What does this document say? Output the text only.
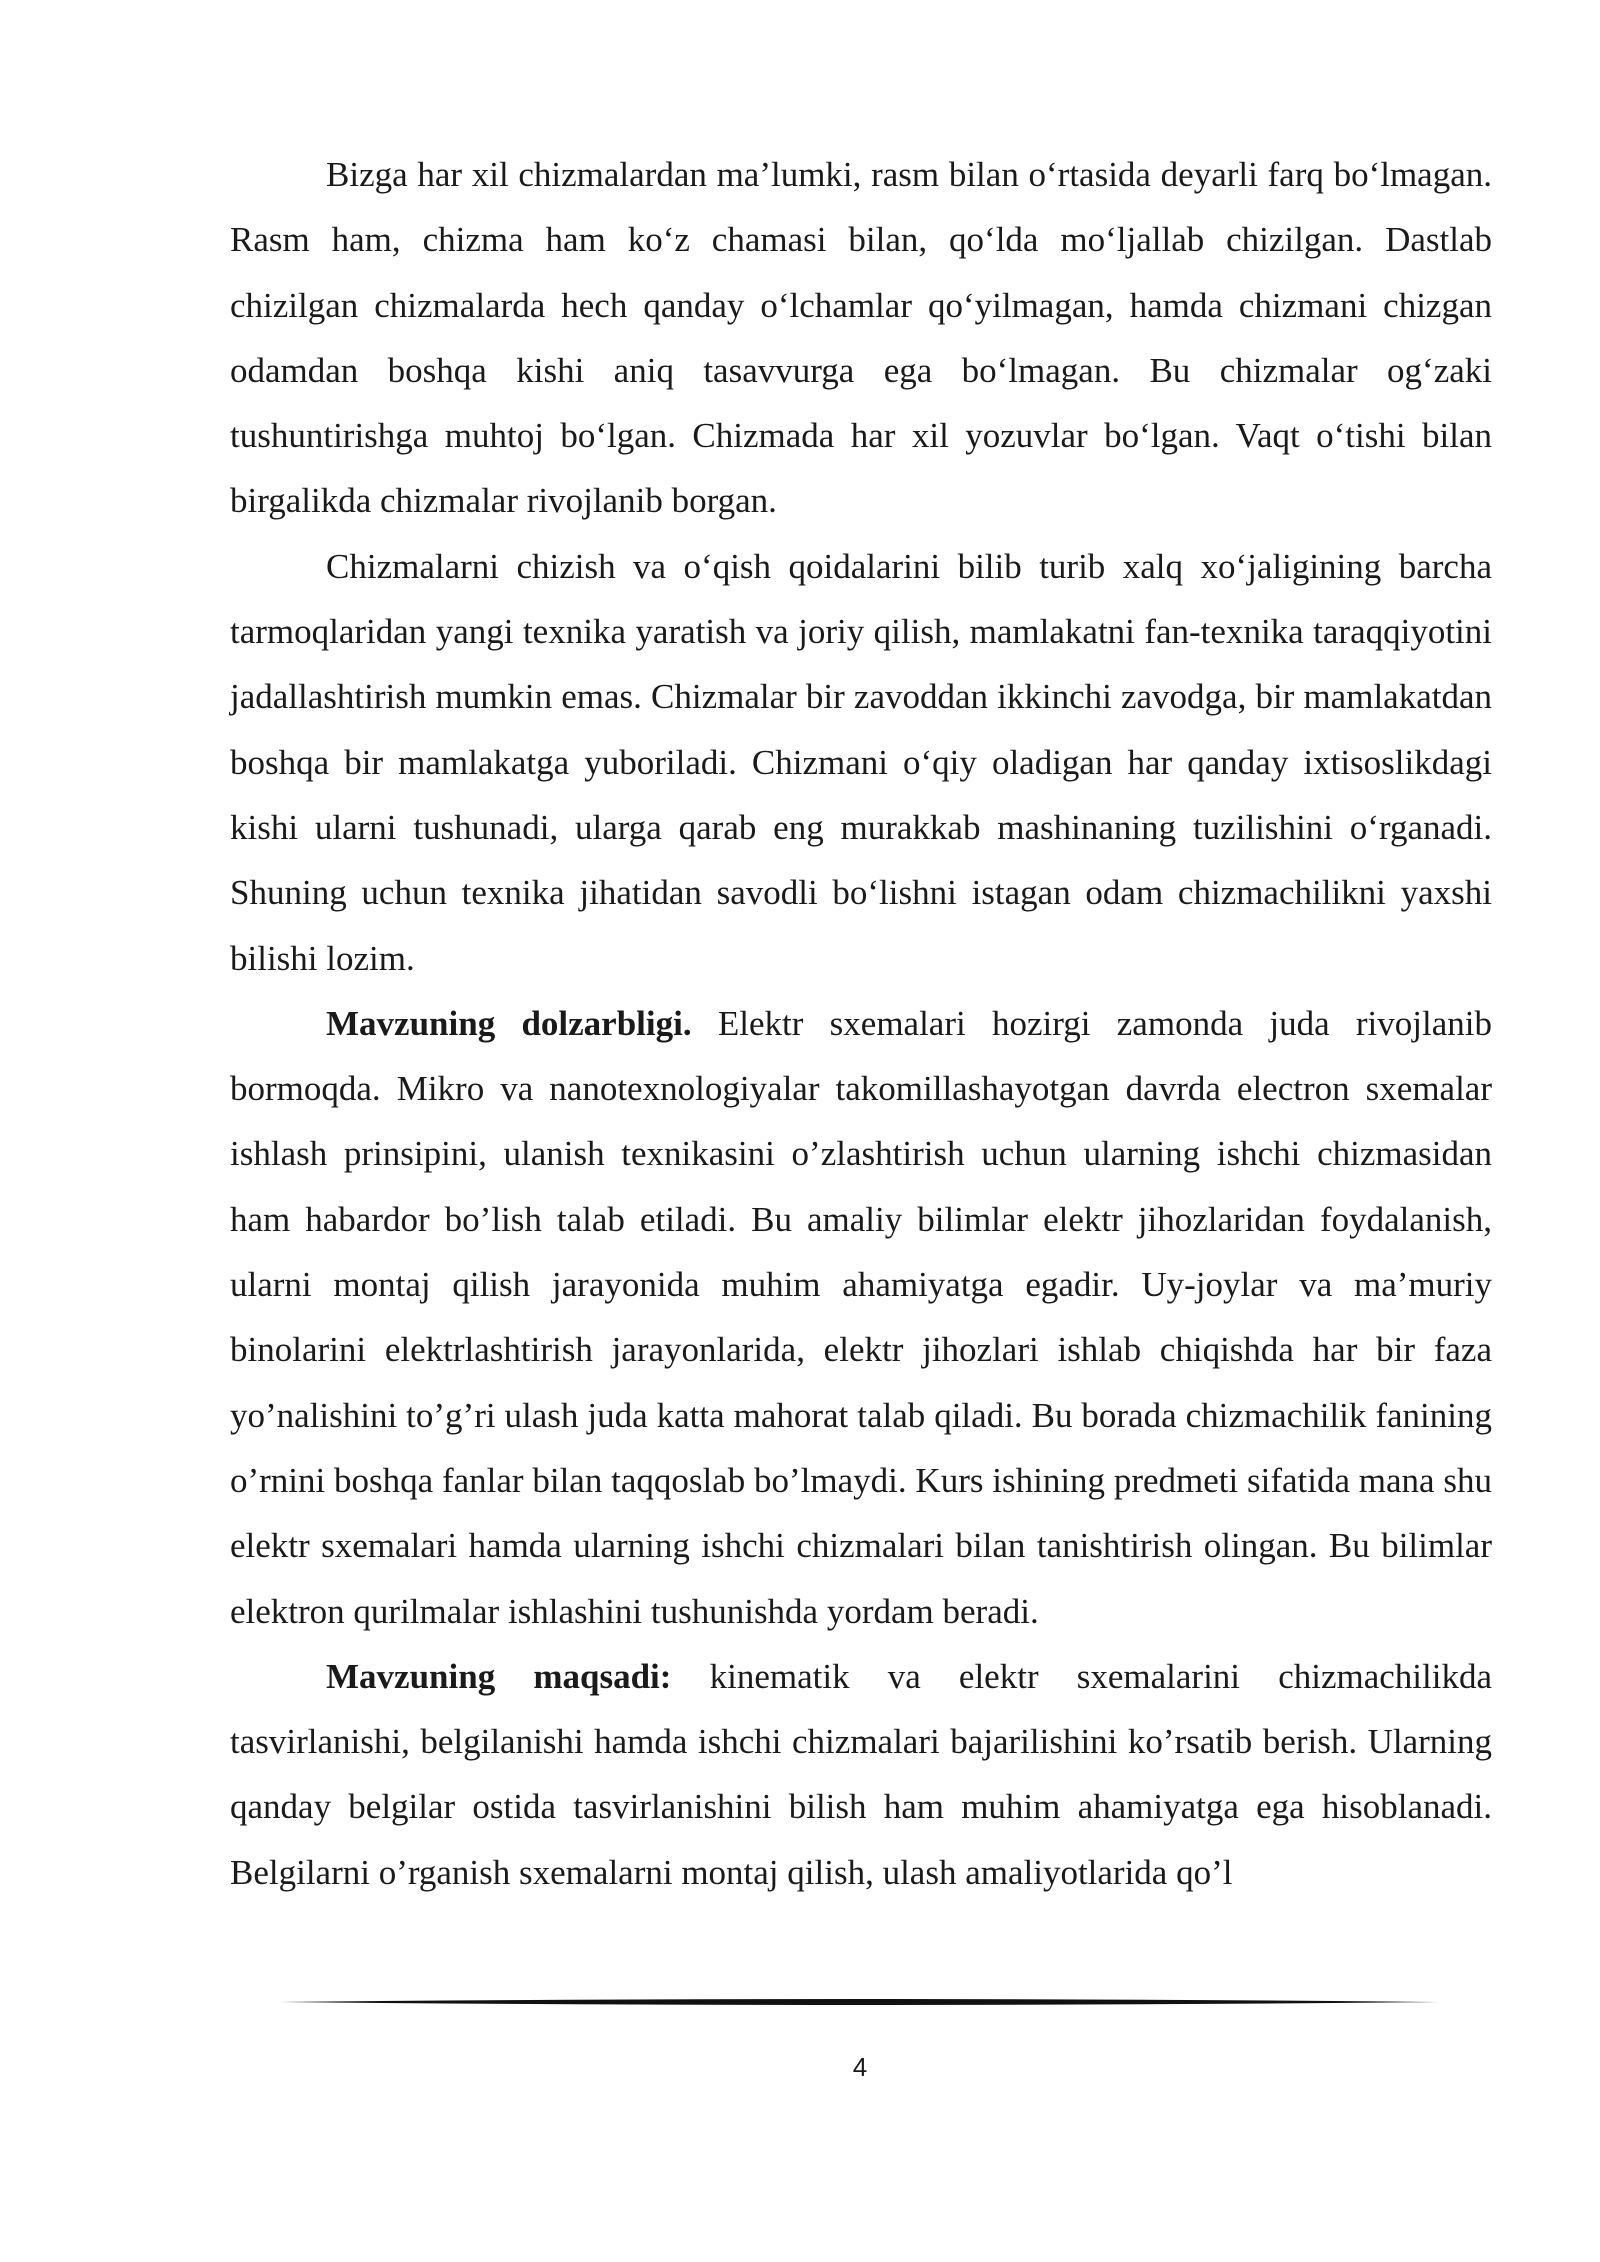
Bizga har xil chizmalardan ma’lumki, rasm bilan o‘rtasida deyarli farq bo‘lmagan. Rasm ham, chizma ham ko‘z chamasi bilan, qo‘lda mo‘ljallab chizilgan. Dastlab chizilgan chizmalarda hech qanday o‘lchamlar qo‘yilmagan, hamda chizmani chizgan odamdan boshqa kishi aniq tasavvurga ega bo‘lmagan. Bu chizmalar og‘zaki tushuntirishga muhtoj bo‘lgan. Chizmada har xil yozuvlar bo‘lgan. Vaqt o‘tishi bilan birgalikda chizmalar rivojlanib borgan.

Chizmalarni chizish va o‘qish qoidalarini bilib turib xalq xo‘jaligining barcha tarmoqlaridan yangi texnika yaratish va joriy qilish, mamlakatni fan-texnika taraqqiyotini jadallashtirish mumkin emas. Chizmalar bir zavoddan ikkinchi zavodga, bir mamlakatdan boshqa bir mamlakatga yuboriladi. Chizmani o‘qiy oladigan har qanday ixtisoslikdagi kishi ularni tushunadi, ularga qarab eng murakkab mashinaning tuzilishini o‘rganadi. Shuning uchun texnika jihatidan savodli bo‘lishni istagan odam chizmachilikni yaxshi bilishi lozim.

Mavzuning dolzarbligi. Elektr sxemalari hozirgi zamonda juda rivojlanib bormoqda. Mikro va nanotexnologiyalar takomillashayotgan davrda electron sxemalar ishlash prinsipini, ulanish texnikasini o’zlashtirish uchun ularning ishchi chizmasidan ham habardor bo’lish talab etiladi. Bu amaliy bilimlar elektr jihozlaridan foydalanish, ularni montaj qilish jarayonida muhim ahamiyatga egadir. Uy-joylar va ma’muriy binolarini elektrlashtirish jarayonlarida, elektr jihozlari ishlab chiqishda har bir faza yo’nalishini to’g’ri ulash juda katta mahorat talab qiladi. Bu borada chizmachilik fanining o’rnini boshqa fanlar bilan taqqoslab bo’lmaydi. Kurs ishining predmeti sifatida mana shu elektr sxemalari hamda ularning ishchi chizmalari bilan tanishtirish olingan. Bu bilimlar elektron qurilmalar ishlashini tushunishda yordam beradi.

Mavzuning maqsadi: kinematik va elektr sxemalarini chizmachilikda tasvirlanishi, belgilanishi hamda ishchi chizmalari bajarilishini ko’rsatib berish. Ularning qanday belgilar ostida tasvirlanishini bilish ham muhim ahamiyatga ega hisoblanadi. Belgilarni o’rganish sxemalarni montaj qilish, ulash amaliyotlarida qo’l

4
